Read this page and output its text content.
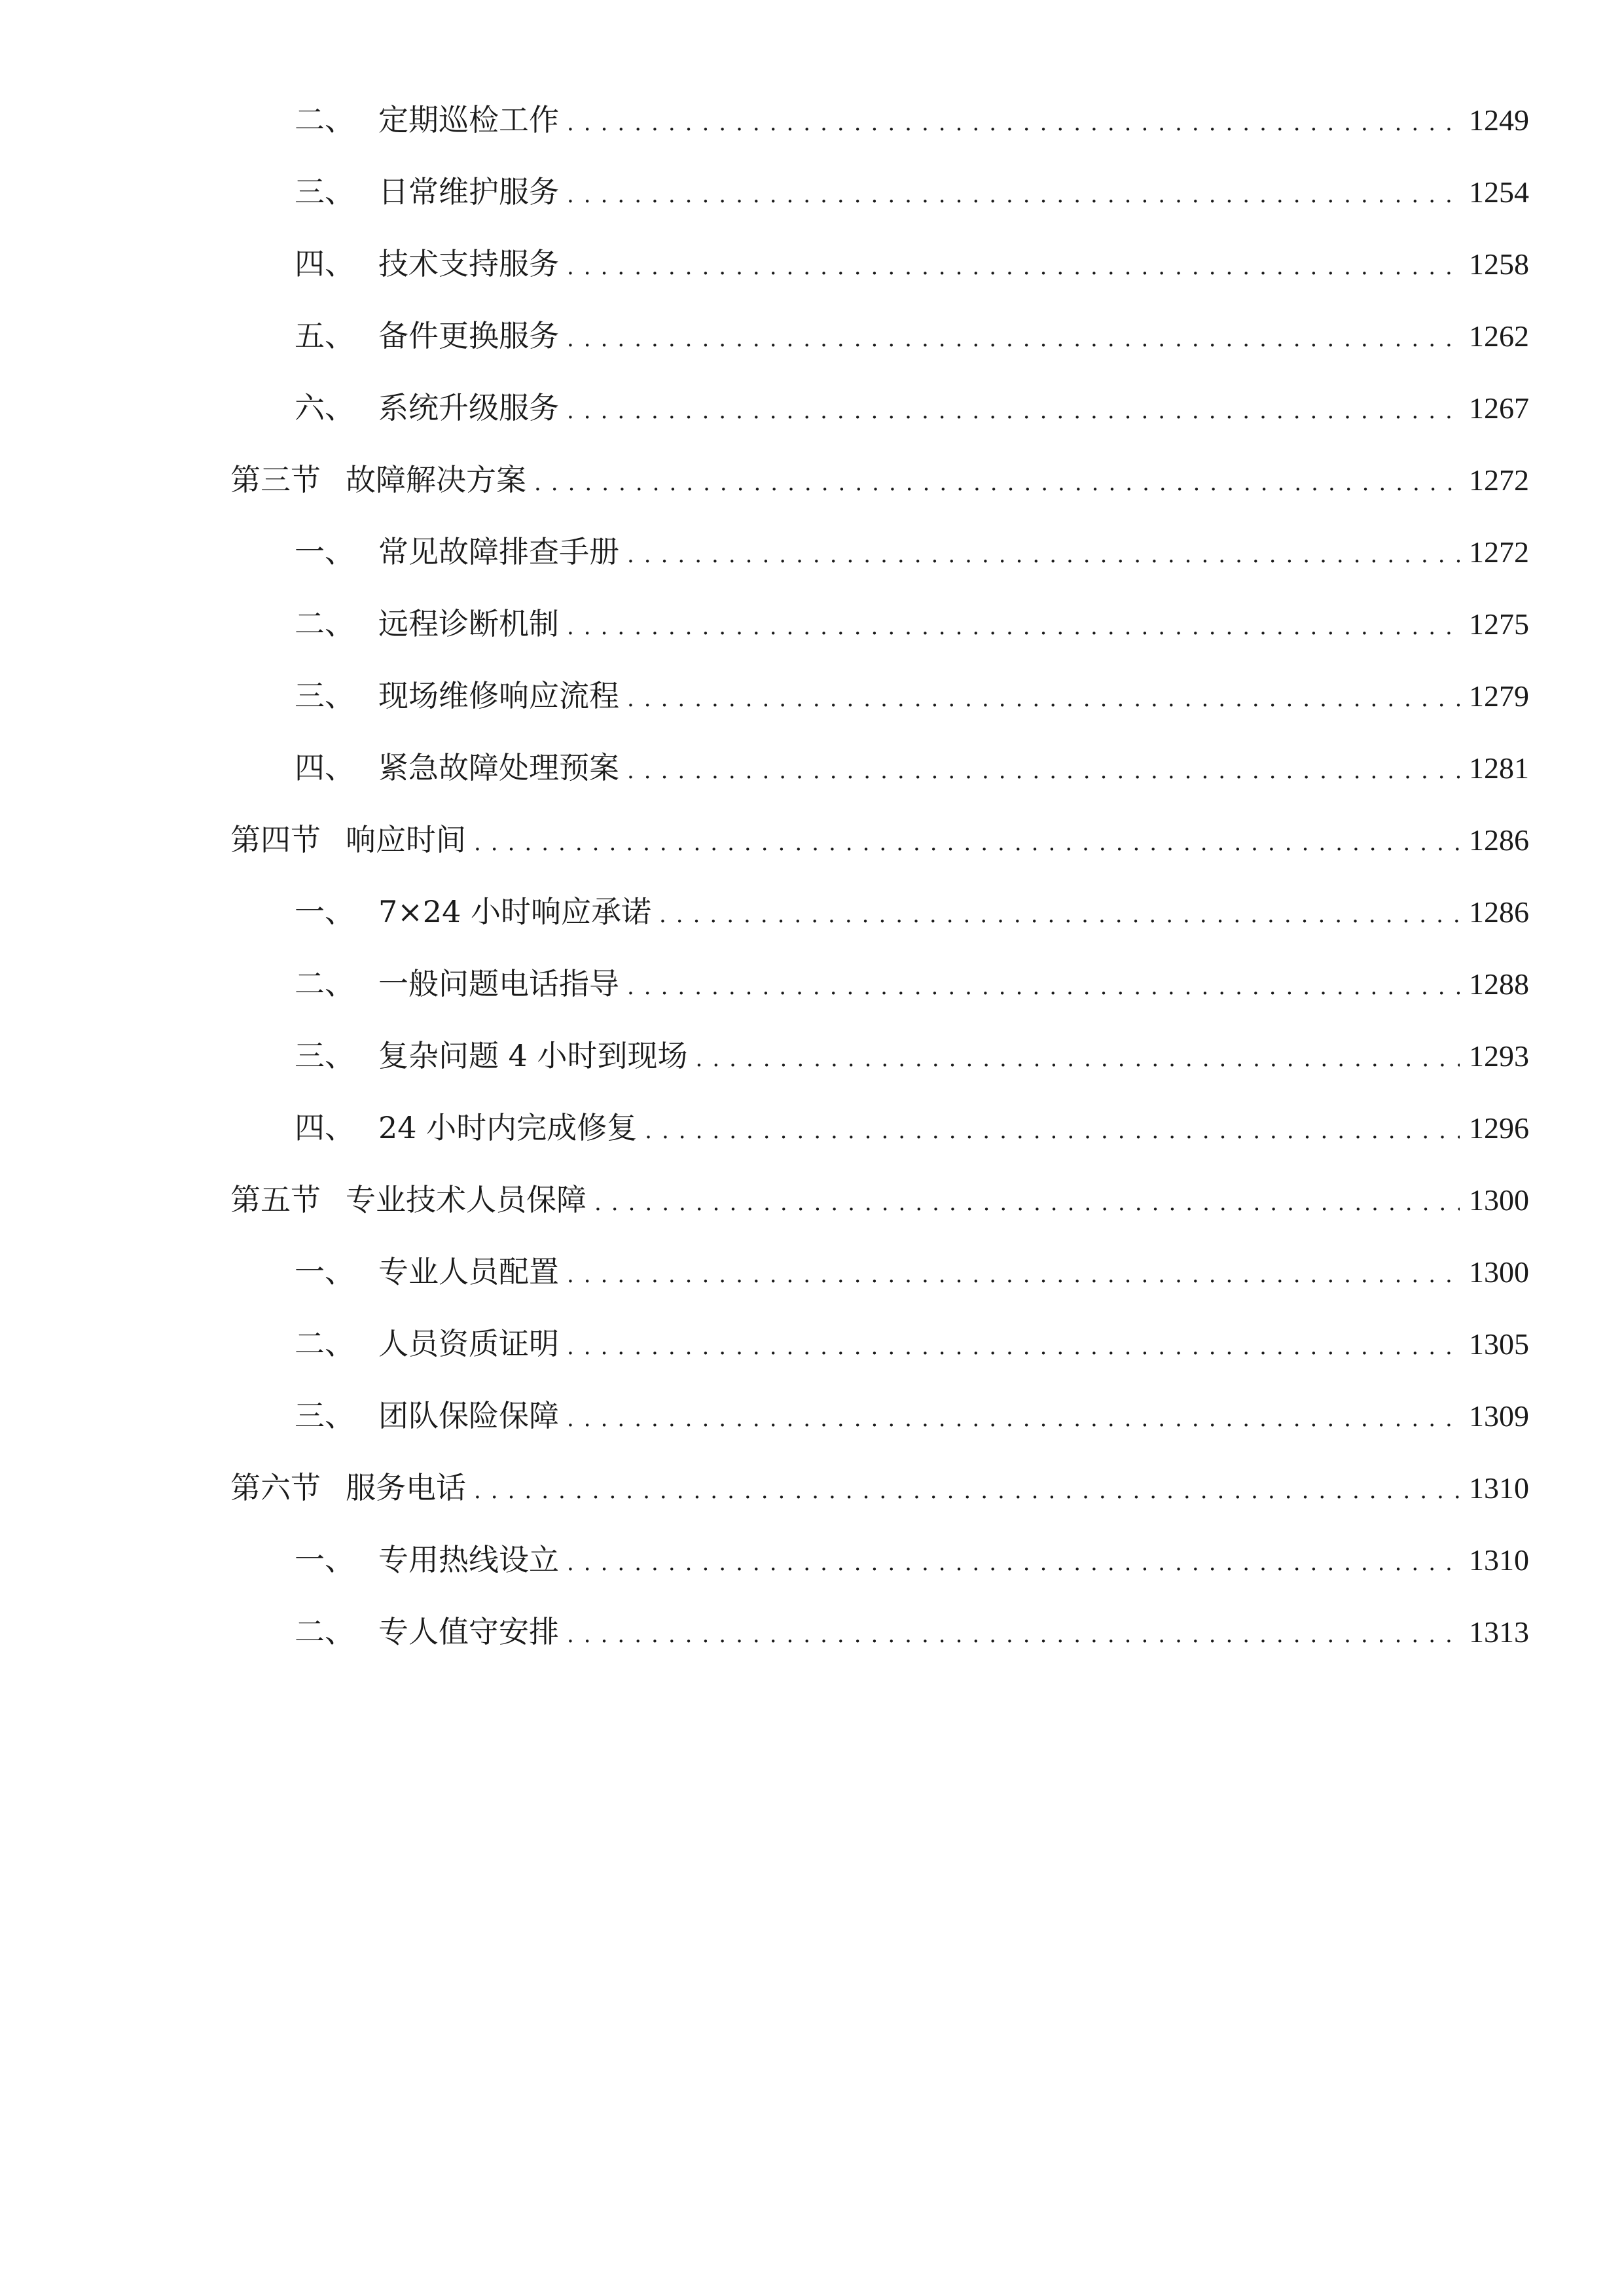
二、 定期巡检工作 .....	1249
三、 日常维护服务 .....	1254
四、 技术支持服务 .....	1258
五、 备件更换服务 .....	1262
六、 系统升级服务 .....	1267
第三节 故障解决方案 .....	1272
一、 常见故障排查手册 .....	1272
二、 远程诊断机制 .....	1275
三、 现场维修响应流程 .....	1279
四、 紧急故障处理预案 .....	1281
第四节 响应时间 .....	1286
一、 7×24 小时响应承诺 .....	1286
二、 一般问题电话指导 .....	1288
三、 复杂问题 4 小时到现场 .....	1293
四、 24 小时内完成修复 .....	1296
第五节 专业技术人员保障 .....	1300
一、 专业人员配置 .....	1300
二、 人员资质证明 .....	1305
三、 团队保险保障 .....	1309
第六节 服务电话 .....	1310
一、 专用热线设立 .....	1310
二、 专人值守安排 .....	1313
